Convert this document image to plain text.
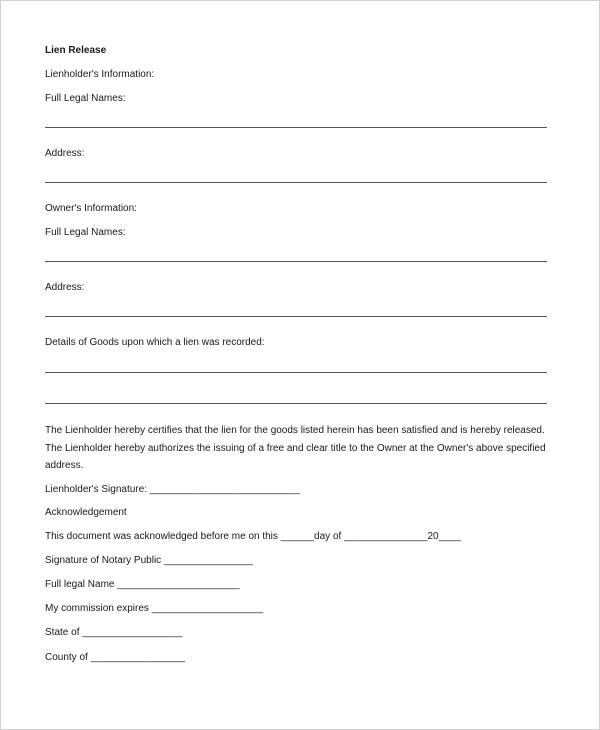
Lien Release
Lienholder's Information:
Full Legal Names:
Address:
Owner's Information:
Full Legal Names:
Address:
Details of Goods upon which a lien was recorded:
The Lienholder hereby certifies that the lien for the goods listed herein has been satisfied and is hereby released. The Lienholder hereby authorizes the issuing of a free and clear title to the Owner at the Owner's above specified address.
Lienholder's Signature: ___________________________
Acknowledgement
This document was acknowledged before me on this ______day of _______________20____
Signature of Notary Public ________________
Full legal Name ______________________
My commission expires ____________________
State of __________________
County of _________________
